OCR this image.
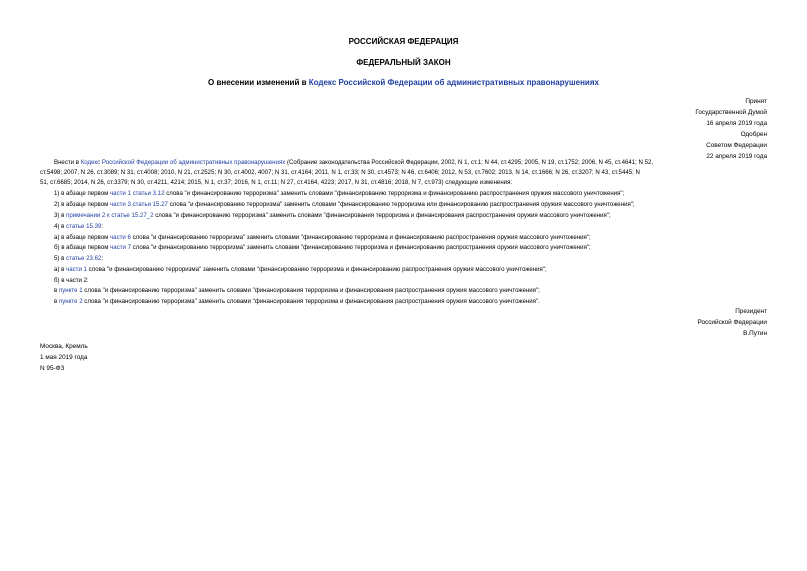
РОССИЙСКАЯ ФЕДЕРАЦИЯ
ФЕДЕРАЛЬНЫЙ ЗАКОН
О внесении изменений в Кодекс Российской Федерации об административных правонарушениях
Принят
Государственной Думой
16 апреля 2019 года
Одобрен
Советом Федерации
22 апреля 2019 года
Внести в Кодекс Российской Федерации об административных правонарушениях (Собрание законодательства Российской Федерации, 2002, N 1, ст.1; N 44, ст.4295; 2005, N 19, ст.1752; 2006, N 45, ст.4641; N 52,
ст.5498; 2007, N 26, ст.3089; N 31, ст.4008; 2010, N 21, ст.2525; N 30, ст.4002, 4007; N 31, ст.4164; 2011, N 1, ст.33; N 30, ст.4573; N 46, ст.6406; 2012, N 53, ст.7602; 2013, N 14, ст.1666; N 26, ст.3207; N 43, ст.5445; N
51, ст.6685; 2014, N 26, ст.3379; N 30, ст.4211, 4214; 2015, N 1, ст.37; 2016, N 1, ст.11; N 27, ст.4164, 4223; 2017, N 31, ст.4816; 2018, N 7, ст.973) следующие изменения:
1) в абзаце первом части 1 статьи 3.12 слова "и финансированию терроризма" заменить словами "финансированию терроризма и финансированию распространения оружия массового уничтожения";
2) в абзаце первом части 3 статьи 15.27 слова "и финансированию терроризма" заменить словами "финансированию терроризма или финансированию распространения оружия массового уничтожения";
3) в примечании 2 к статье 15.27_2 слова "и финансированию терроризма" заменить словами "финансирования терроризма и финансирования распространения оружия массового уничтожения";
4) в статье 15.39:
а) в абзаце первом части 6 слова "и финансированию терроризма" заменить словами "финансированию терроризма и финансированию распространения оружия массового уничтожения";
б) в абзаце первом части 7 слова "и финансированию терроризма" заменить словами "финансированию терроризма и финансированию распространения оружия массового уничтожения";
5) в статье 23.62:
а) в части 1 слова "и финансированию терроризма" заменить словами "финансированию терроризма и финансированию распространения оружия массового уничтожения";
б) в части 2:
в пункте 1 слова "и финансированию терроризма" заменить словами "финансирования терроризма и финансирования распространения оружия массового уничтожения";
в пункте 2 слова "и финансированию терроризма" заменить словами "финансирования терроризма и финансирования распространения оружия массового уничтожения".
Президент
Российской Федерации
В.Путин
Москва, Кремль
1 мая 2019 года
N 95-ФЗ
